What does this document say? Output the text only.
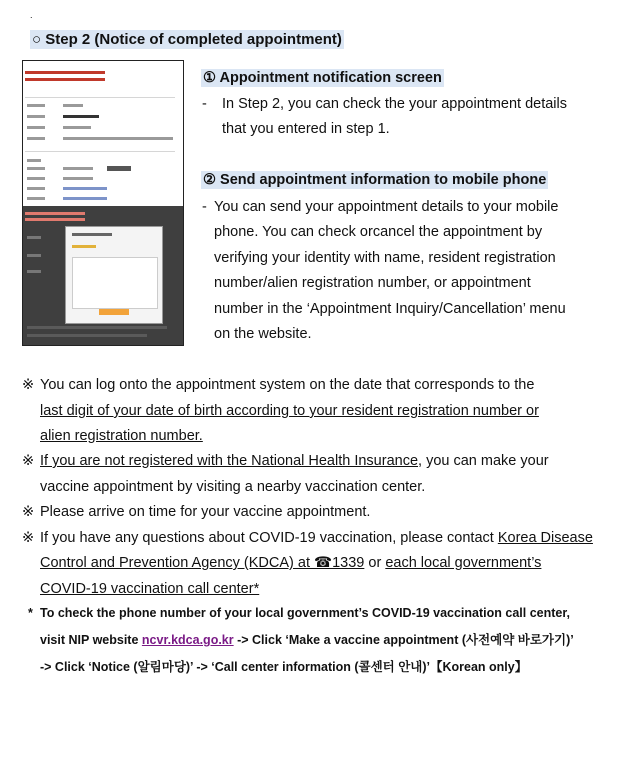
.
○ Step 2 (Notice of completed appointment)
① Appointment notification screen
- In Step 2, you can check the your appointment details
that you entered in step 1.
② Send appointment information to mobile phone
- You can send your appointment details to your mobile
phone. You can check orcancel the appointment by
verifying your identity with name, resident registration
number/alien registration number, or appointment
number in the ‘Appointment Inquiry/Cancellation’ menu
on the website.
※ You can log onto the appointment system on the date that corresponds to the
last digit of your date of birth according to your resident registration number or
alien registration number.
※ If you are not registered with the National Health Insurance, you can make your
vaccine appointment by visiting a nearby vaccination center.
※ Please arrive on time for your vaccine appointment.
※ If you have any questions about COVID-19 vaccination, please contact Korea Disease
Control and Prevention Agency (KDCA) at ☎1339 or each local government’s
COVID-19 vaccination call center*
* To check the phone number of your local government’s COVID-19 vaccination call center,
visit NIP website ncvr.kdca.go.kr -> Click ‘Make a vaccine appointment (사전예약 바로가기)’
-> Click ‘Notice (알림마당)’ -> ‘Call center information (콜센터 안내)’【Korean only】
